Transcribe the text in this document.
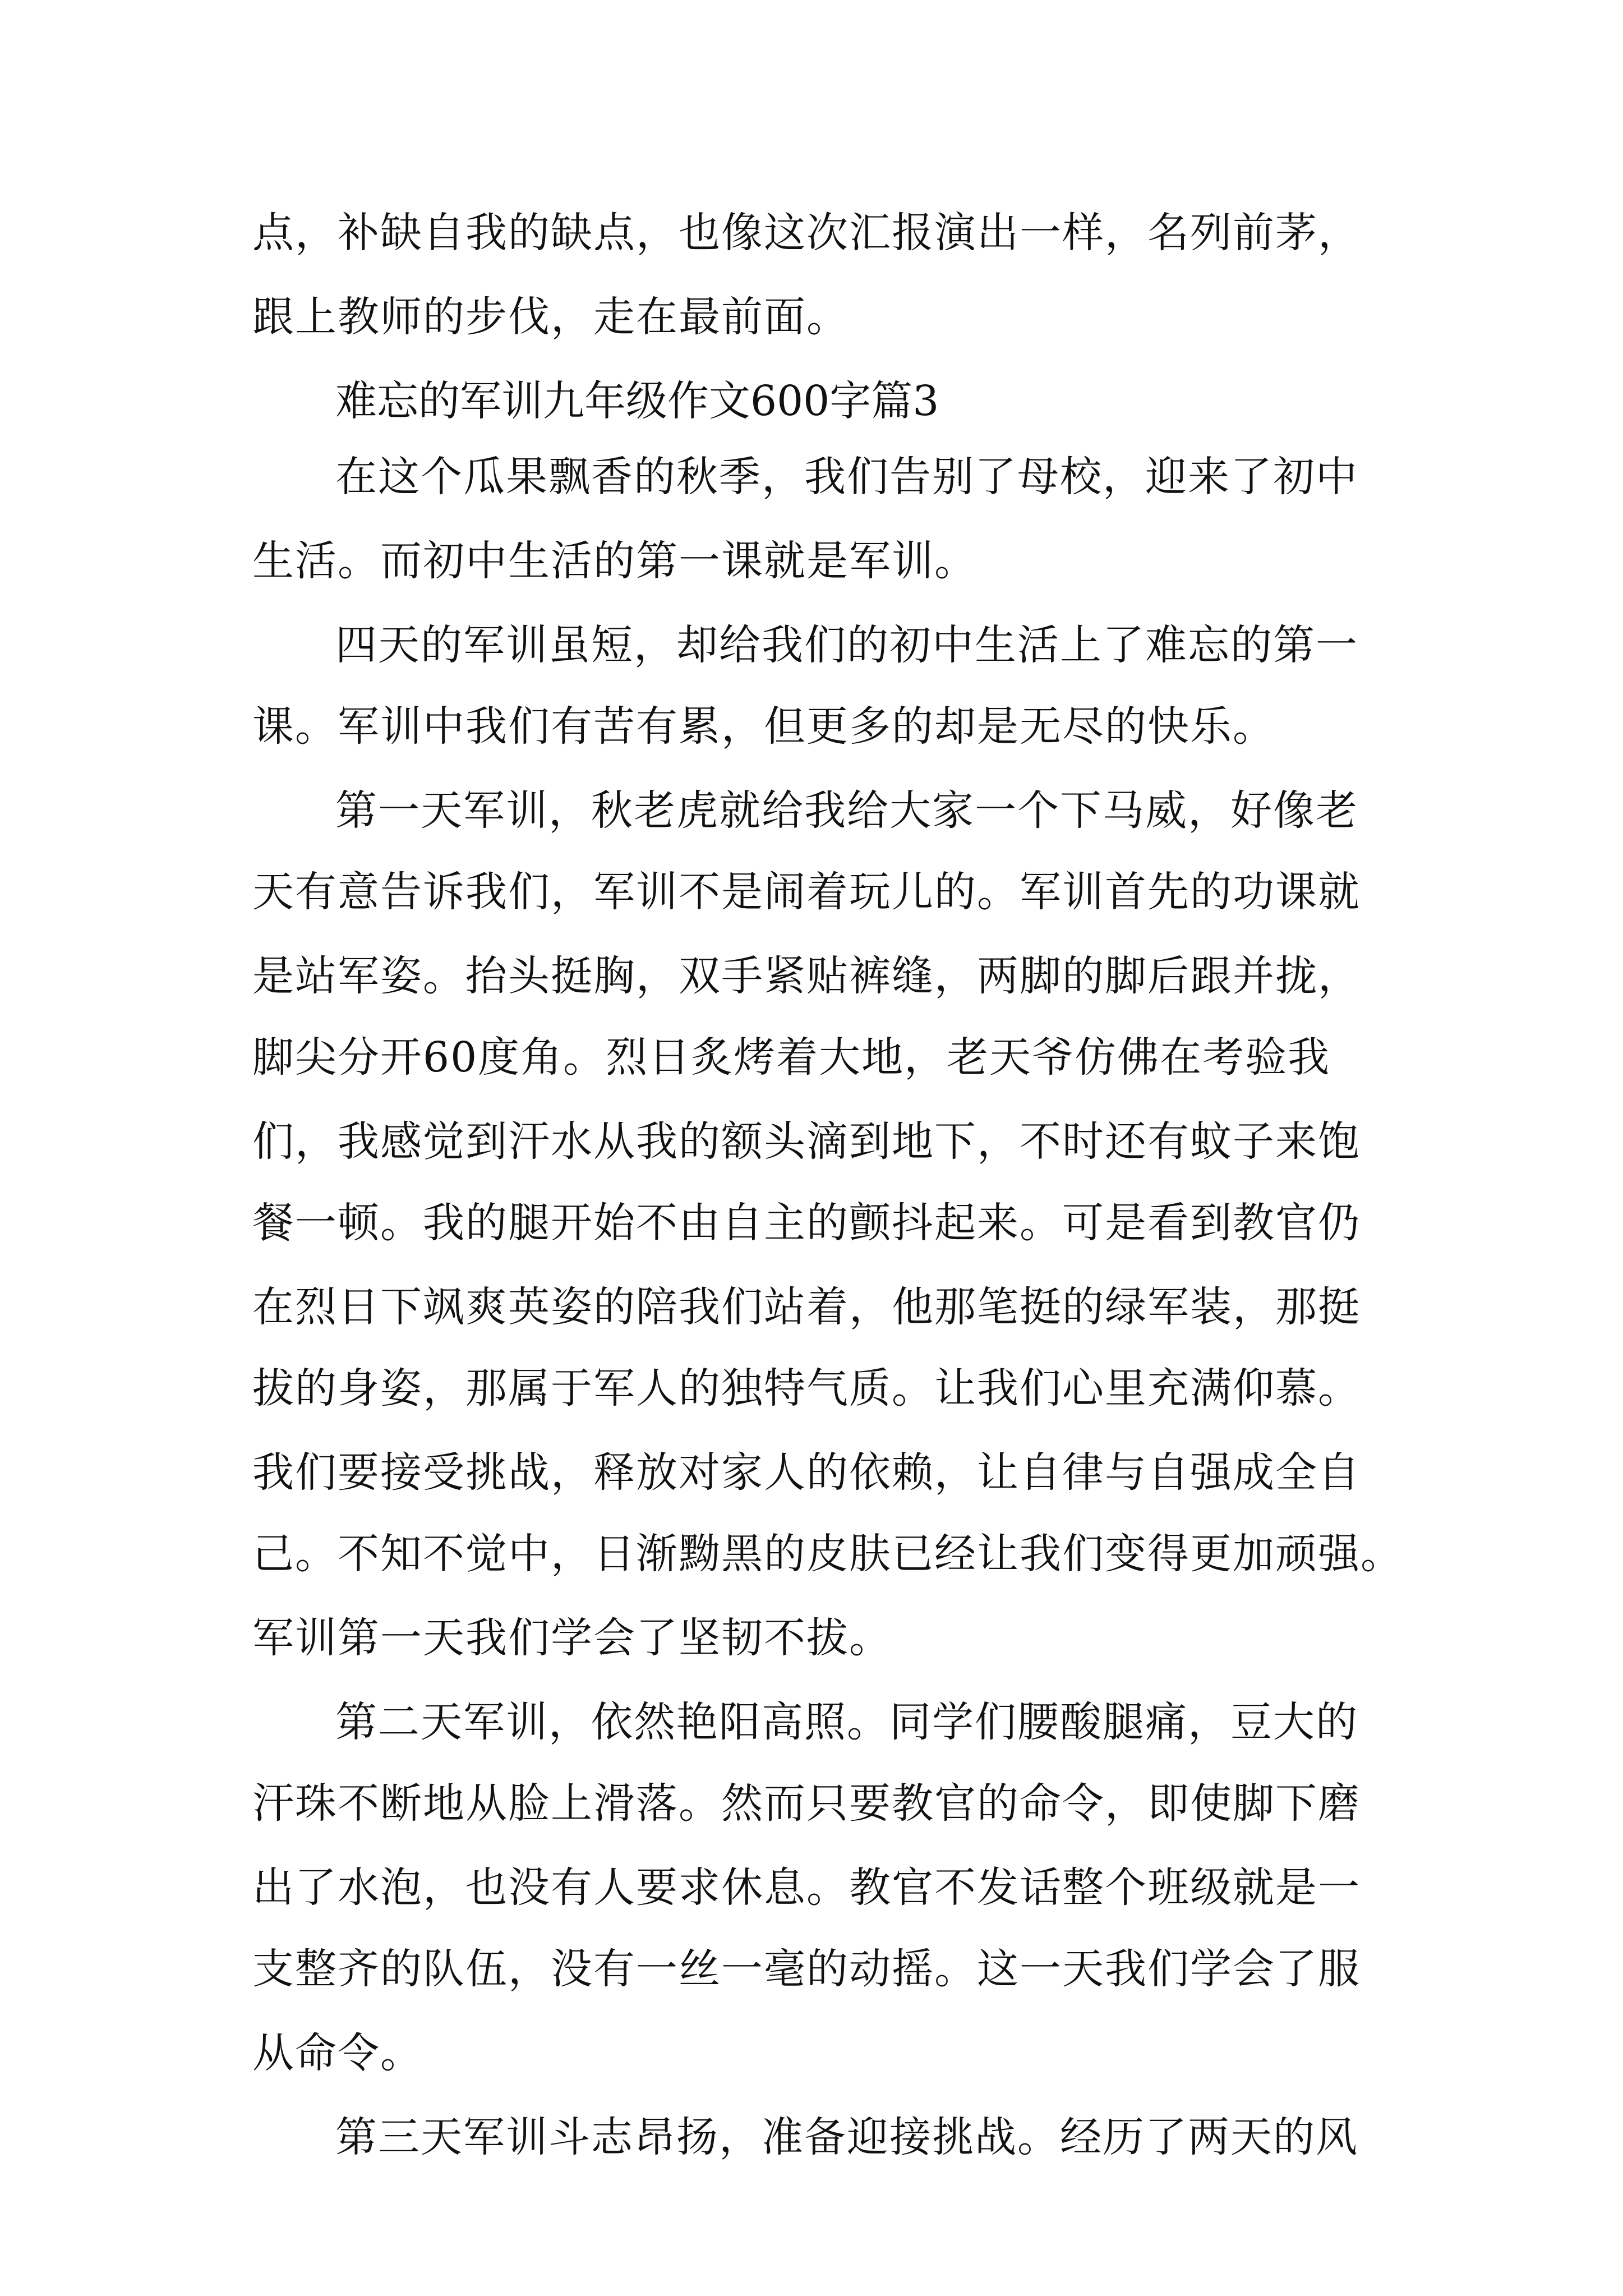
点，补缺自我的缺点，也像这次汇报演出一样，名列前茅，
跟上教师的步伐，走在最前面。
难忘的军训九年级作文600字篇3
在这个瓜果飘香的秋季，我们告别了母校，迎来了初中
生活。而初中生活的第一课就是军训。
四天的军训虽短，却给我们的初中生活上了难忘的第一
课。军训中我们有苦有累，但更多的却是无尽的快乐。
第一天军训，秋老虎就给我给大家一个下马威，好像老
天有意告诉我们，军训不是闹着玩儿的。军训首先的功课就
是站军姿。抬头挺胸，双手紧贴裤缝，两脚的脚后跟并拢，
脚尖分开60度角。烈日炙烤着大地，老天爷仿佛在考验我
们，我感觉到汗水从我的额头滴到地下，不时还有蚊子来饱
餐一顿。我的腿开始不由自主的颤抖起来。可是看到教官仍
在烈日下飒爽英姿的陪我们站着，他那笔挺的绿军装，那挺
拔的身姿，那属于军人的独特气质。让我们心里充满仰慕。
我们要接受挑战，释放对家人的依赖，让自律与自强成全自
己。不知不觉中，日渐黝黑的皮肤已经让我们变得更加顽强。
军训第一天我们学会了坚韧不拔。
第二天军训，依然艳阳高照。同学们腰酸腿痛，豆大的
汗珠不断地从脸上滑落。然而只要教官的命令，即使脚下磨
出了水泡，也没有人要求休息。教官不发话整个班级就是一
支整齐的队伍，没有一丝一毫的动摇。这一天我们学会了服
从命令。
第三天军训斗志昂扬，准备迎接挑战。经历了两天的风
